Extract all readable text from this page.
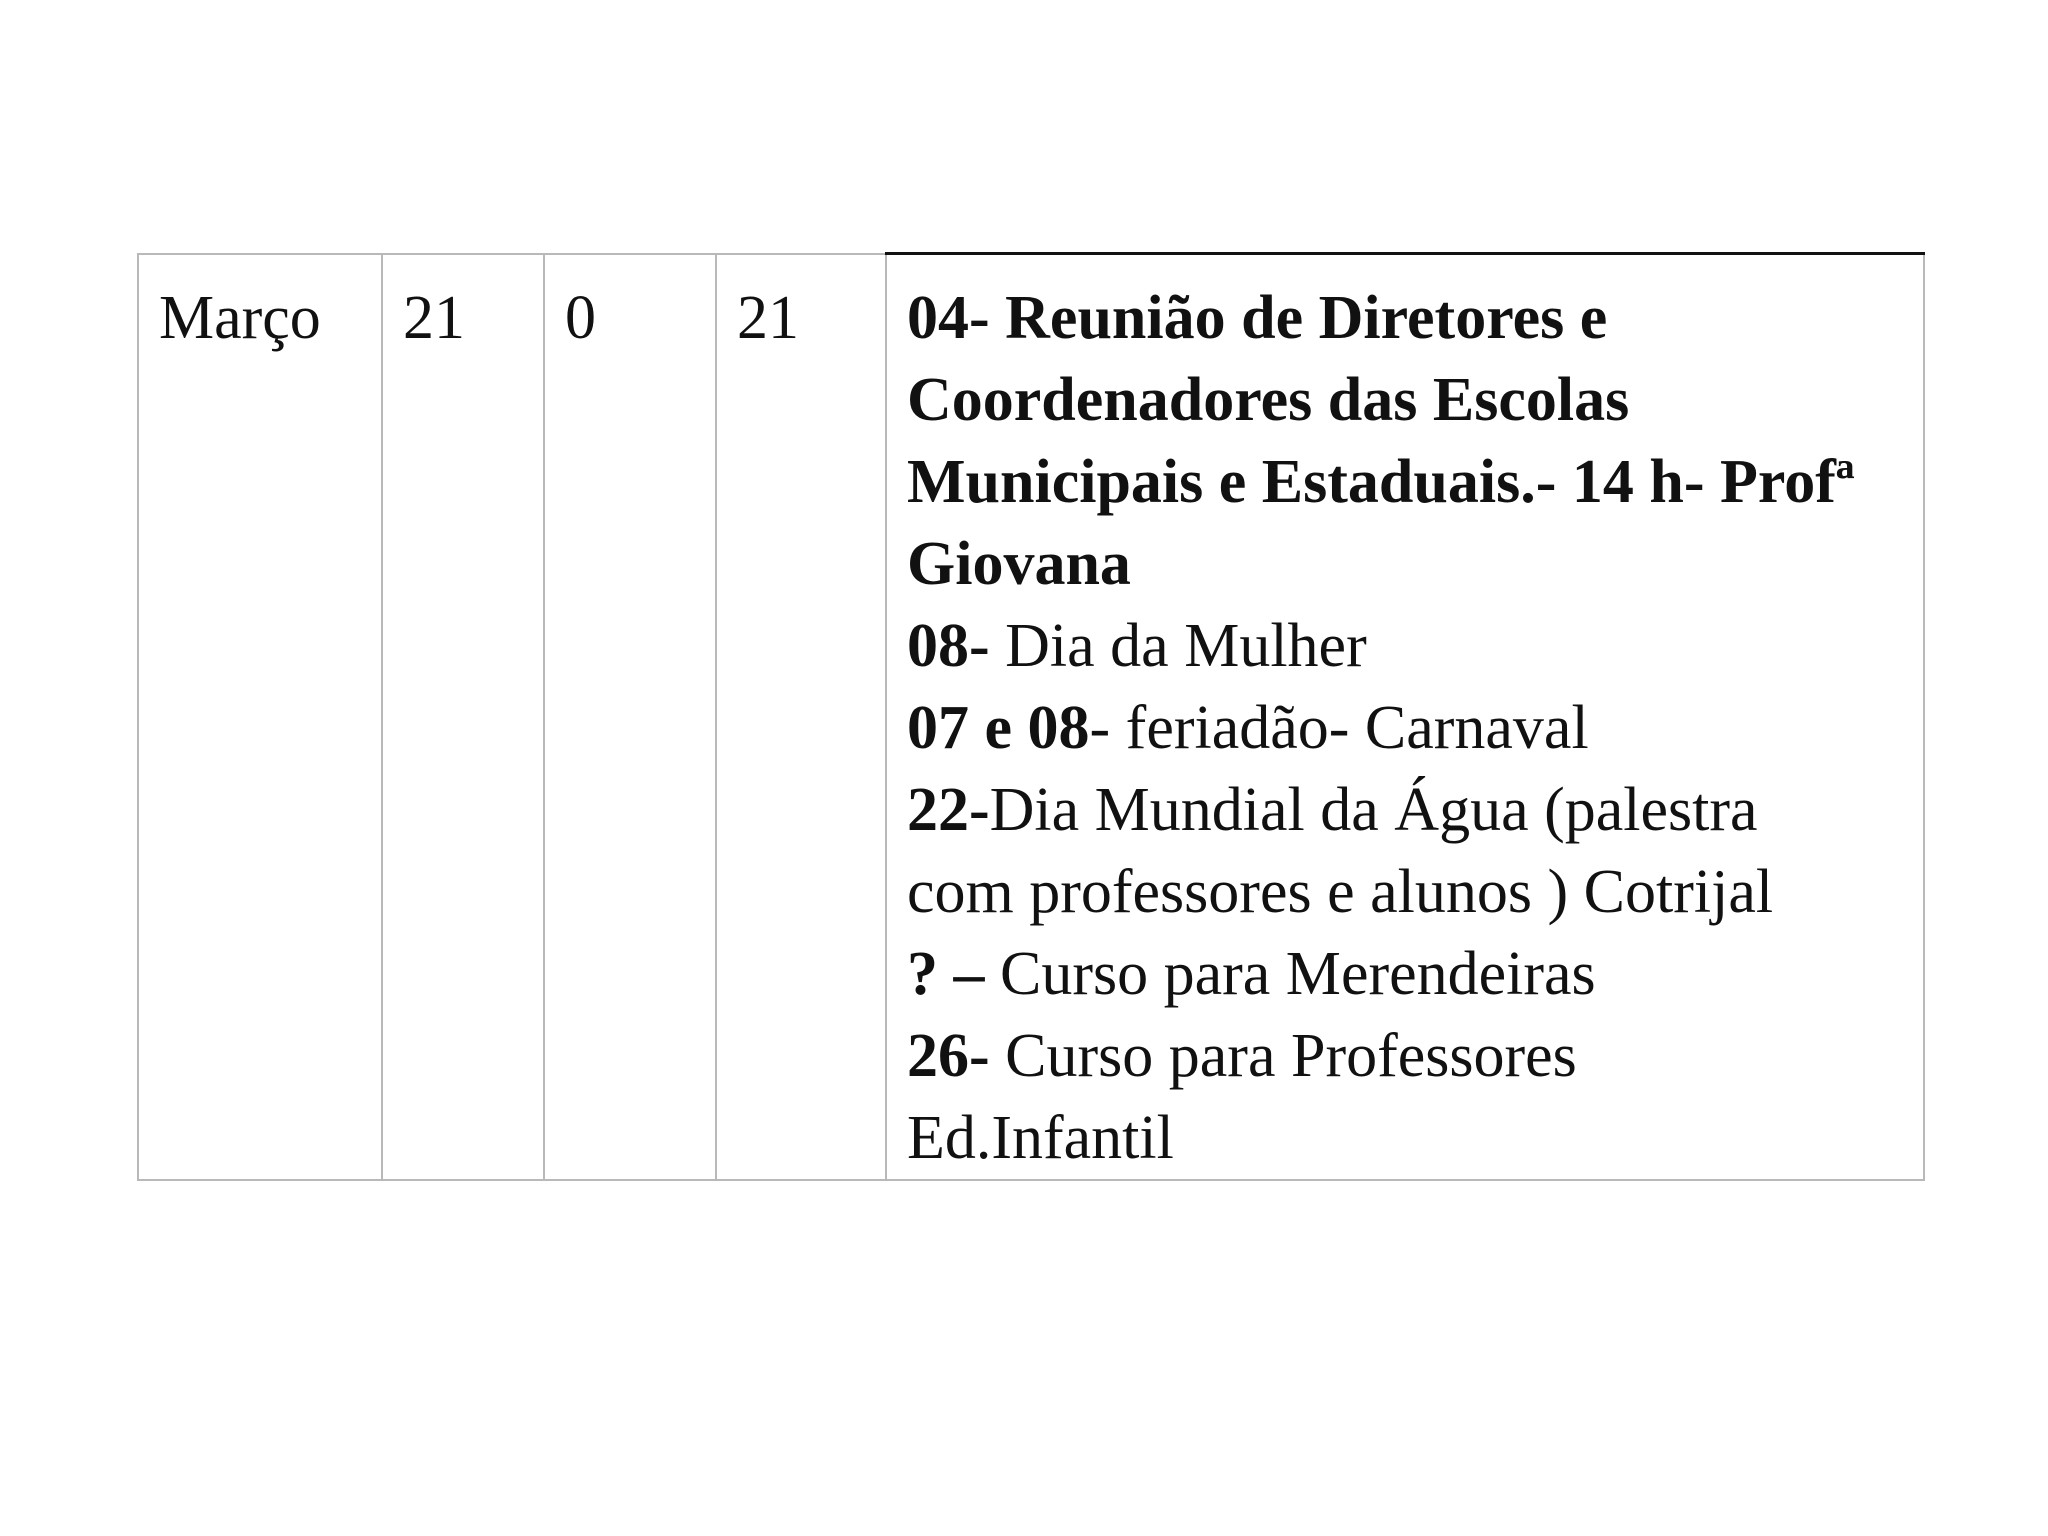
Março	21	0	21	04- Reunião de Diretores e Coordenadores das Escolas Municipais e Estaduais.- 14 h- Profª Giovana
08- Dia da Mulher
07 e 08- feriadão- Carnaval
22-Dia Mundial da Água (palestra
com professores e alunos ) Cotrijal
? – Curso para Merendeiras
26- Curso para Professores
Ed.Infantil
